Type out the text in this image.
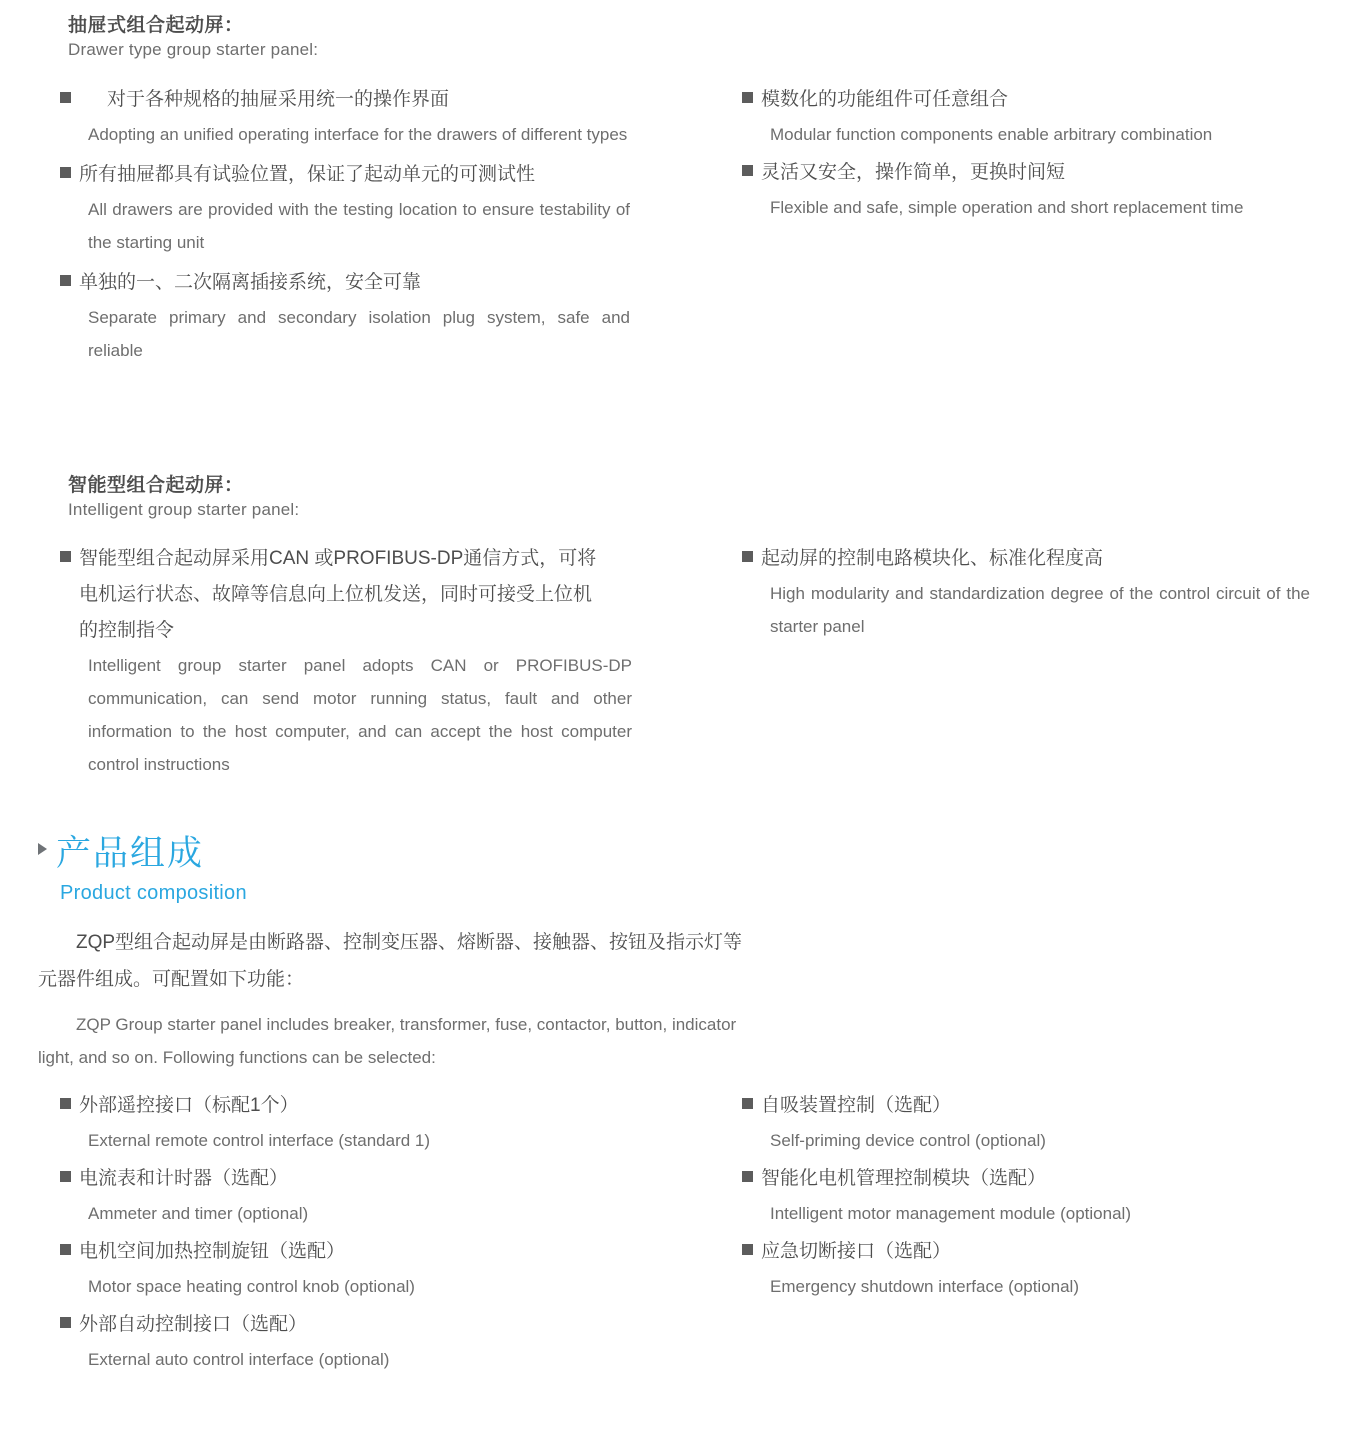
抽屉式组合起动屏：
Drawer type group starter panel:
对于各种规格的抽屉采用统一的操作界面
Adopting an unified operating interface for the drawers of different types
所有抽屉都具有试验位置，保证了起动单元的可测试性
All drawers are provided with the testing location to ensure testability of the starting unit
单独的一、二次隔离插接系统，安全可靠
Separate primary and secondary isolation plug system, safe and reliable
模数化的功能组件可任意组合
Modular function components enable arbitrary combination
灵活又安全，操作简单，更换时间短
Flexible and safe, simple operation and short replacement time
智能型组合起动屏：
Intelligent group starter panel:
智能型组合起动屏采用CAN 或PROFIBUS-DP通信方式，可将电机运行状态、故障等信息向上位机发送，同时可接受上位机的控制指令
Intelligent group starter panel adopts CAN or PROFIBUS-DP communication, can send motor running status, fault and other information to the host computer, and can accept the host computer control instructions
起动屏的控制电路模块化、标准化程度高
High modularity and standardization degree of the control circuit of the starter panel
产品组成
Product composition
ZQP型组合起动屏是由断路器、控制变压器、熔断器、接触器、按钮及指示灯等
元器件组成。可配置如下功能：
ZQP Group starter panel includes breaker, transformer, fuse, contactor, button, indicator
light, and so on. Following functions can be selected:
外部遥控接口（标配1个）
External remote control interface (standard 1)
电流表和计时器（选配）
Ammeter and timer (optional)
电机空间加热控制旋钮（选配）
Motor space heating control knob (optional)
外部自动控制接口（选配）
External auto control interface (optional)
自吸装置控制（选配）
Self-priming device control (optional)
智能化电机管理控制模块（选配）
Intelligent motor management module (optional)
应急切断接口（选配）
Emergency shutdown interface (optional)
